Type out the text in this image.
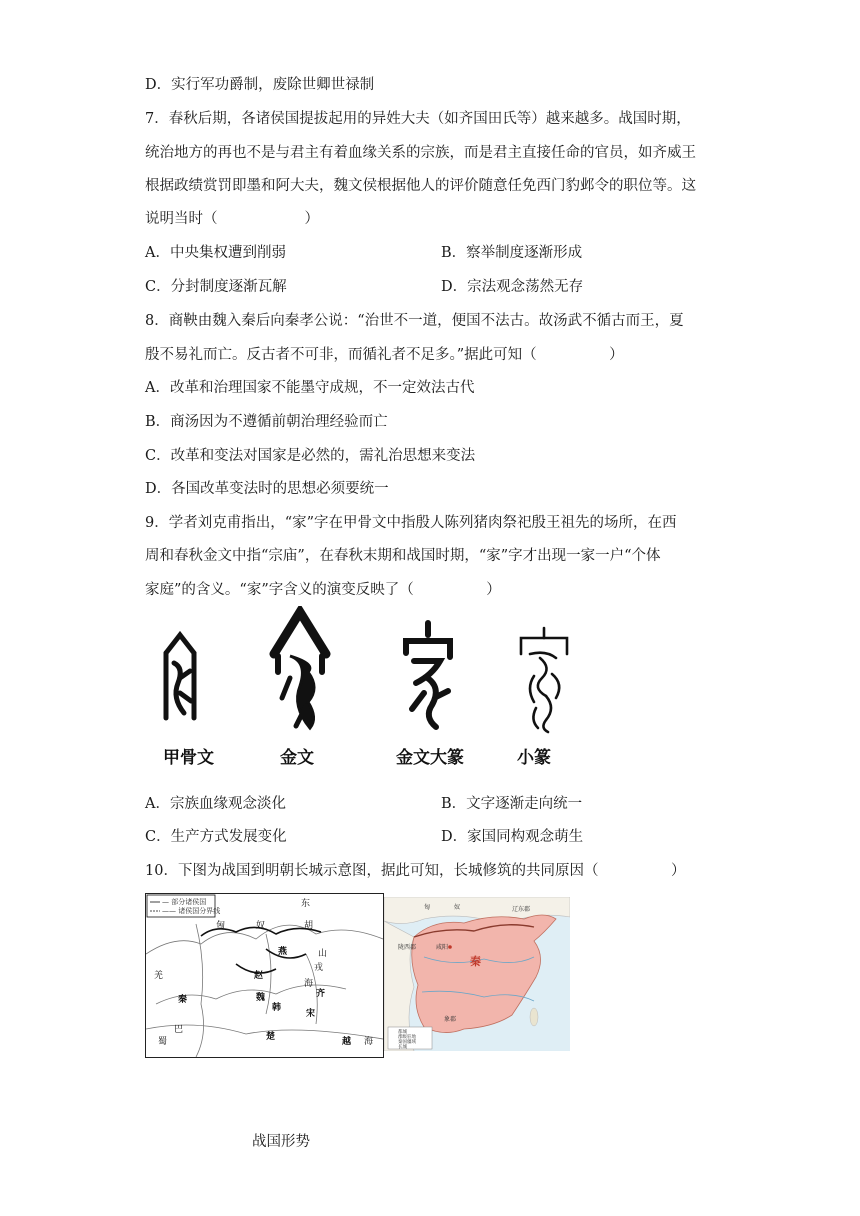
D．实行军功爵制，废除世卿世禄制
7．春秋后期，各诸侯国提拔起用的异姓大夫（如齐国田氏等）越来越多。战国时期，
统治地方的再也不是与君主有着血缘关系的宗族，而是君主直接任命的官员，如齐威王
根据政绩赏罚即墨和阿大夫，魏文侯根据他人的评价随意任免西门豹邺令的职位等。这
说明当时（　　　　　　）
A．中央集权遭到削弱	B．察举制度逐渐形成
C．分封制度逐渐瓦解	D．宗法观念荡然无存
8．商鞅由魏入秦后向秦孝公说：“治世不一道，便国不法古。故汤武不循古而王，夏
殷不易礼而亡。反古者不可非，而循礼者不足多。”据此可知（　　　　　）
A．改革和治理国家不能墨守成规，不一定效法古代
B．商汤因为不遵循前朝治理经验而亡
C．改革和变法对国家是必然的，需礼治思想来变法
D．各国改革变法时的思想必须要统一
9．学者刘克甫指出，“家”字在甲骨文中指殷人陈列猪肉祭祀殷王祖先的场所，在西
周和春秋金文中指“宗庙”，在春秋末期和战国时期，“家”字才出现一家一户“个体
家庭”的含义。“家”字含义的演变反映了（　　　　　）
甲骨文	金文	金文大篆	小篆
A．宗族血缘观念淡化	B．文字逐渐走向统一
C．生产方式发展变化	D．家国同构观念萌生
10．下图为战国到明朝长城示意图，据此可知，长城修筑的共同原因（　　　　　）
— 部分诸侯国
—— 诸侯国分界线
东
匈	奴	胡
燕	山
戎
赵
海
齐
秦	魏
韩
宋
楚	越 海
羌
巴
蜀
匈	奴	辽东郡
陇西郡	咸阳
象郡
都城
郡级驻地
秦国疆域
长城
秦
战国形势
